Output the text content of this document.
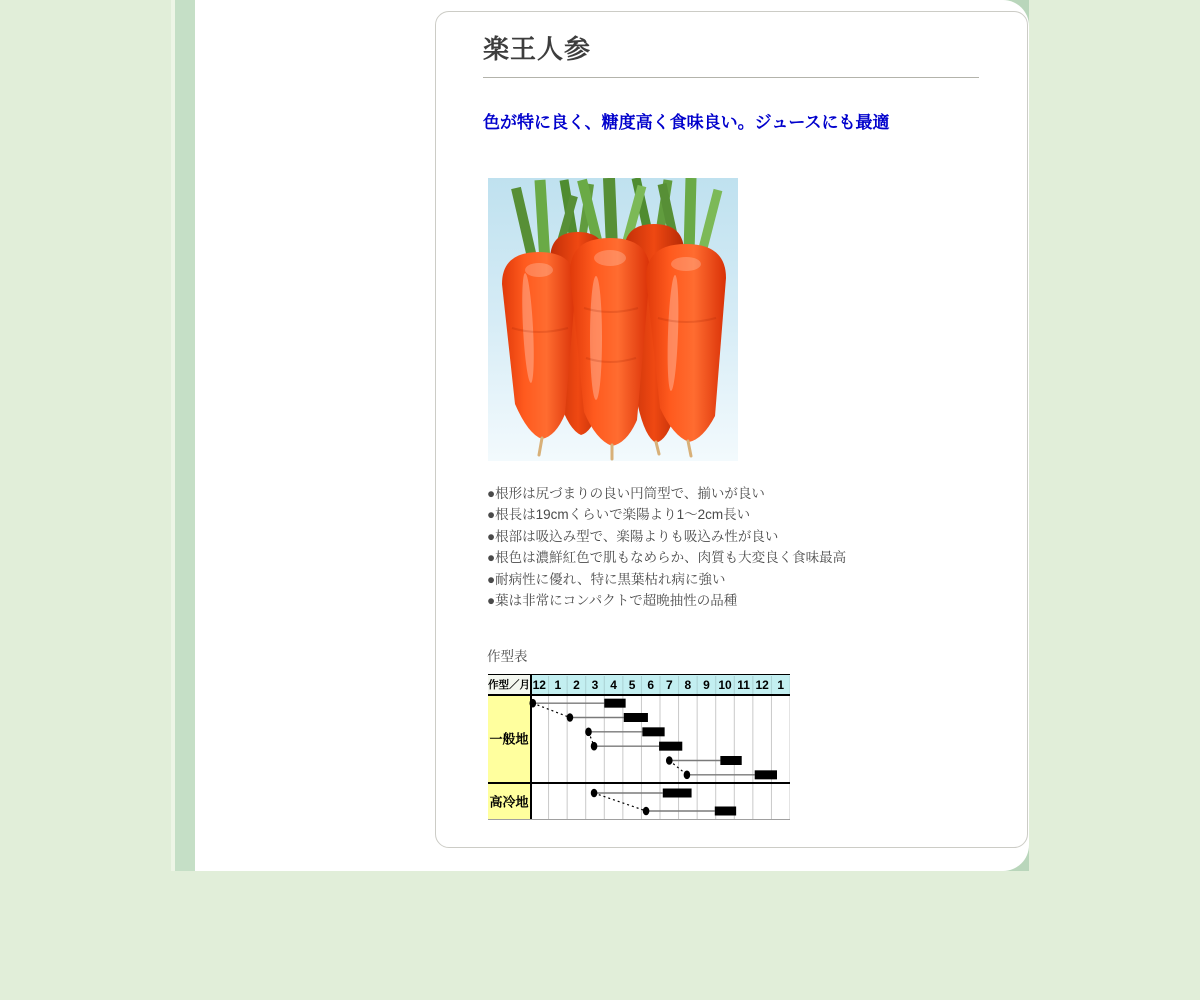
楽王人参

色が特に良く、糖度高く食味良い。ジュースにも最適

●根形は尻づまりの良い円筒型で、揃いが良い
●根長は19cmくらいで楽陽より1〜2cm長い
●根部は吸込み型で、楽陽よりも吸込み性が良い
●根色は濃鮮紅色で肌もなめらか、肉質も大変良く食味最高
●耐病性に優れ、特に黒葉枯れ病に強い
●葉は非常にコンパクトで超晩抽性の品種
作型表
作型／月 12 1 2 3 4 5 6 7 8 9 10 11 12 1
一般地
高冷地
